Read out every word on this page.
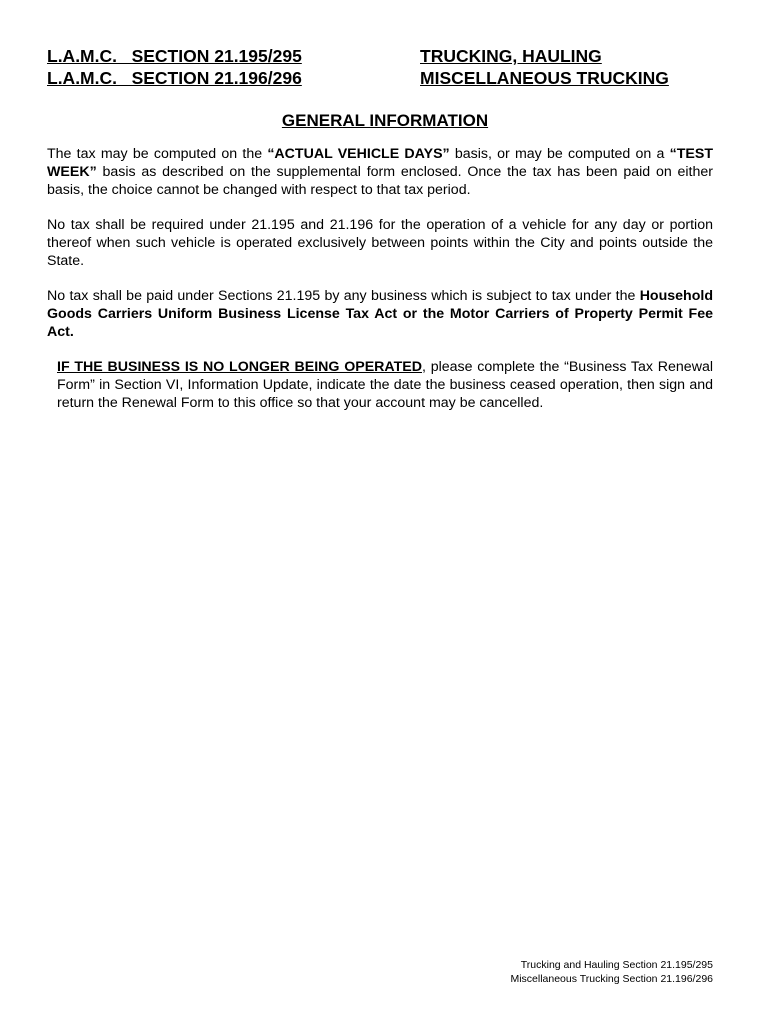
L.A.M.C.   SECTION 21.195/295
L.A.M.C.   SECTION 21.196/296
TRUCKING, HAULING
MISCELLANEOUS TRUCKING
GENERAL INFORMATION

The tax may be computed on the “ACTUAL VEHICLE DAYS” basis, or may be computed on a “TEST WEEK” basis as described on the supplemental form enclosed. Once the tax has been paid on either basis, the choice cannot be changed with respect to that tax period.

No tax shall be required under 21.195 and 21.196 for the operation of a vehicle for any day or portion thereof when such vehicle is operated exclusively between points within the City and points outside the State.

No tax shall be paid under Sections 21.195 by any business which is subject to tax under the Household Goods Carriers Uniform Business License Tax Act or the Motor Carriers of Property Permit Fee Act.

IF THE BUSINESS IS NO LONGER BEING OPERATED, please complete the “Business Tax Renewal Form” in Section VI, Information Update, indicate the date the business ceased operation, then sign and return the Renewal Form to this office so that your account may be cancelled.

Trucking and Hauling Section 21.195/295
Miscellaneous Trucking Section 21.196/296
